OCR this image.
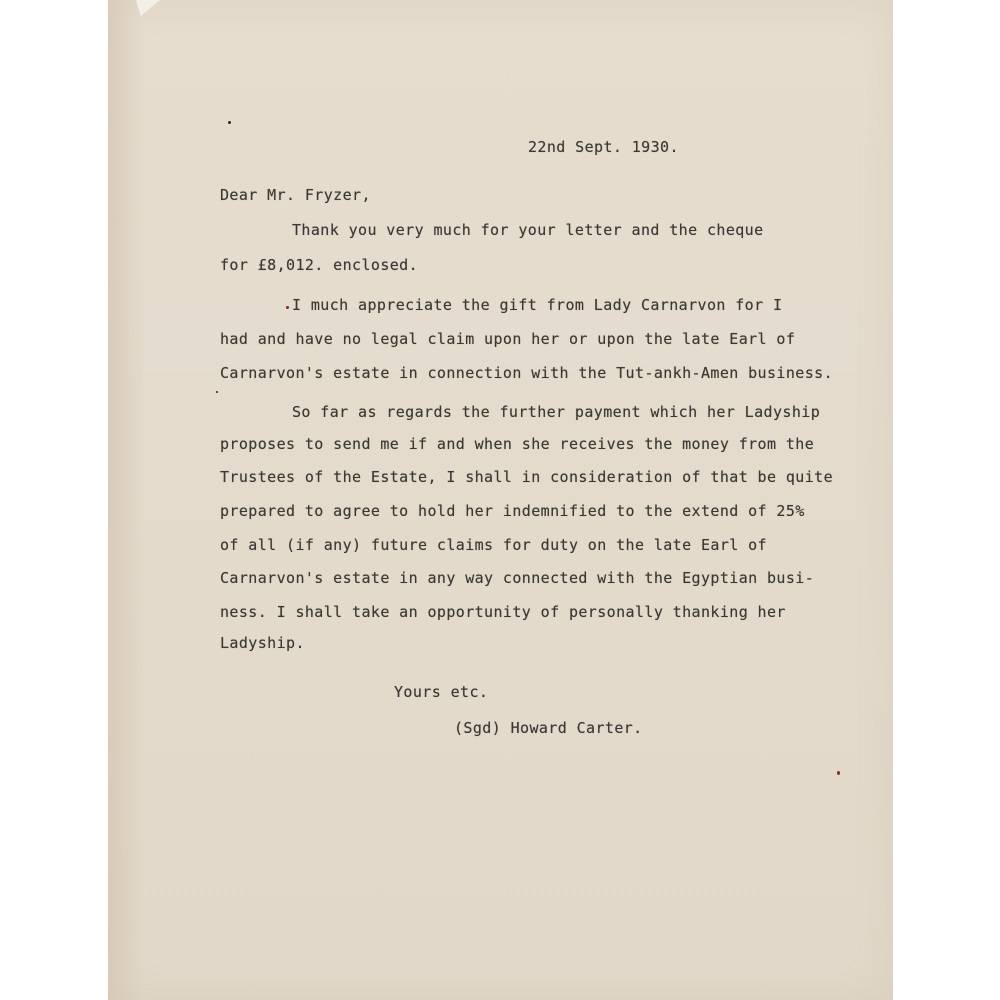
22nd Sept. 1930.
Dear Mr. Fryzer,
Thank you very much for your letter and the cheque
for £8,012. enclosed.
I much appreciate the gift from Lady Carnarvon for I
had and have no legal claim upon her or upon the late Earl of
Carnarvon's estate in connection with the Tut-ankh-Amen business.
So far as regards the further payment which her Ladyship
proposes to send me if and when she receives the money from the
Trustees of the Estate, I shall in consideration of that be quite
prepared to agree to hold her indemnified to the extend of 25%
of all (if any) future claims for duty on the late Earl of
Carnarvon's estate in any way connected with the Egyptian busi-
ness. I shall take an opportunity of personally thanking her
Ladyship.
Yours etc.
(Sgd) Howard Carter.
